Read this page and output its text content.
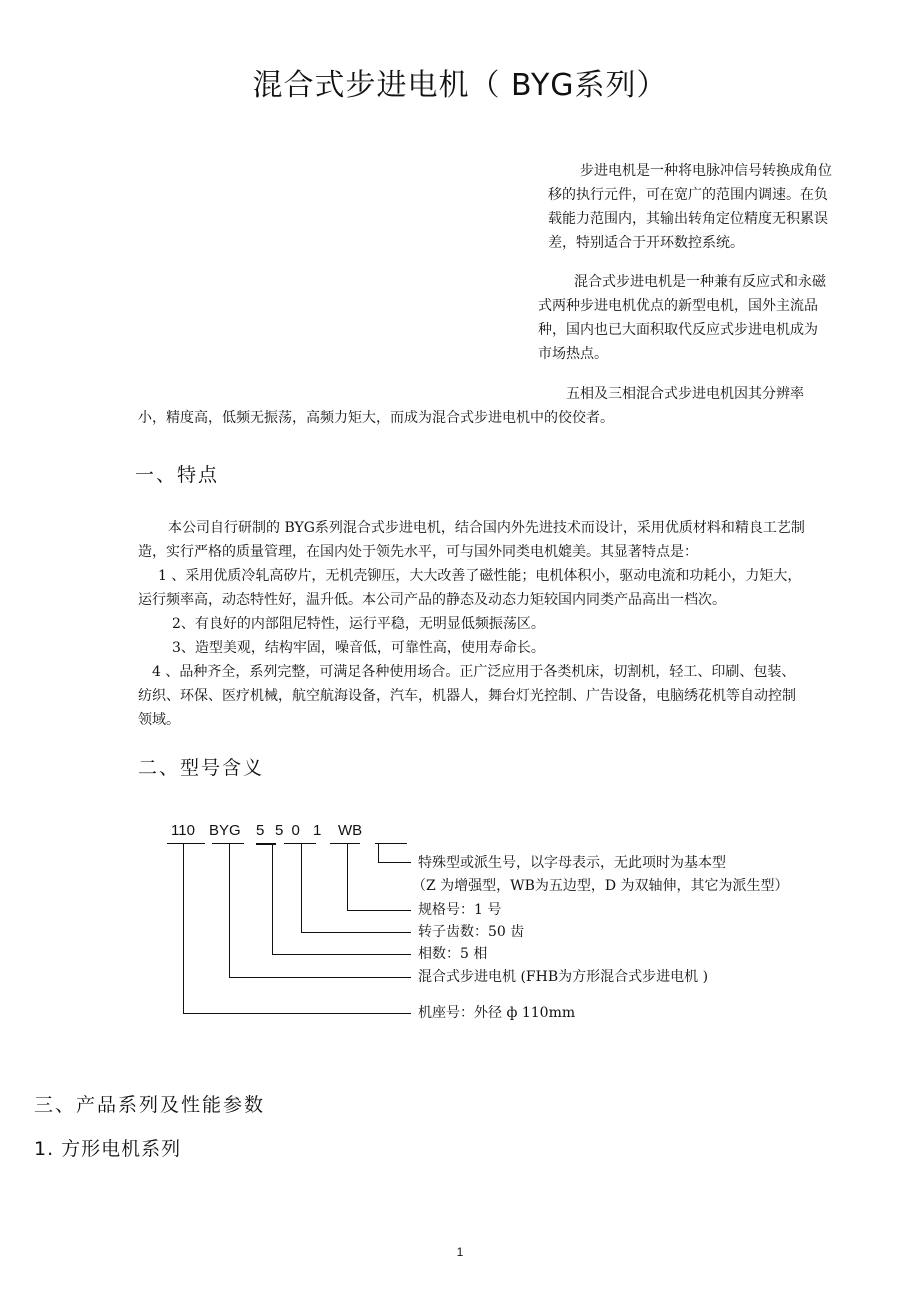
混合式步进电机（ BYG系列）
步进电机是一种将电脉冲信号转换成角位
移的执行元件，可在宽广的范围内调速。在负
载能力范围内，其输出转角定位精度无积累误
差，特别适合于开环数控系统。
混合式步进电机是一种兼有反应式和永磁
式两种步进电机优点的新型电机，国外主流品
种，国内也已大面积取代反应式步进电机成为
市场热点。
五相及三相混合式步进电机因其分辨率
小，精度高，低频无振荡，高频力矩大，而成为混合式步进电机中的佼佼者。
一、特点
本公司自行研制的 BYG系列混合式步进电机，结合国内外先进技术而设计，采用优质材料和精良工艺制
造，实行严格的质量管理，在国内处于领先水平，可与国外同类电机媲美。其显著特点是：
1 、采用优质冷轧高矽片，无机壳铆压，大大改善了磁性能；电机体积小，驱动电流和功耗小，力矩大，
运行频率高，动态特性好，温升低。本公司产品的静态及动态力矩较国内同类产品高出一档次。
2、有良好的内部阻尼特性，运行平稳，无明显低频振荡区。
3、造型美观，结构牢固，噪音低，可靠性高，使用寿命长。
4 、品种齐全，系列完整，可满足各种使用场合。正广泛应用于各类机床，切割机，轻工、印刷、包装、
纺织、环保、医疗机械，航空航海设备，汽车，机器人，舞台灯光控制、广告设备，电脑绣花机等自动控制
领域。
二、型号含义
110 BYG 5 5 0 1 WB
特殊型或派生号，以字母表示，无此项时为基本型
（Z 为增强型，WB为五边型，D 为双轴伸，其它为派生型）
规格号：1 号
转子齿数：50 齿
相数：5 相
混合式步进电机 (FHB为方形混合式步进电机 )
机座号：外径 ф 110mm
三、产品系列及性能参数
1. 方形电机系列
1
